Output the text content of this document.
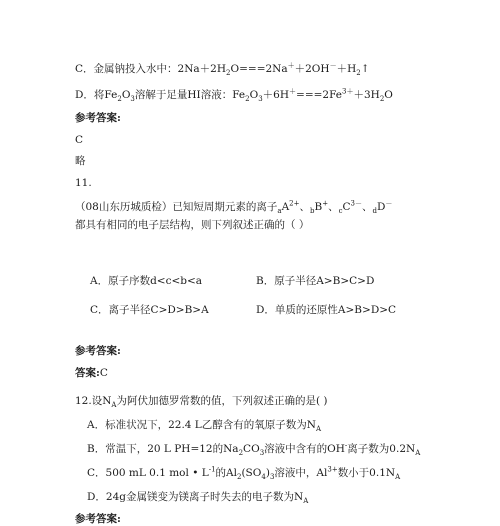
C．金属钠投入水中：$2Na+2H_2O===2Na^++2OH^-+H_2↑$
D．将$Fe_2O_3$溶解于足量HI溶液：$Fe_2O_3+6H^+===2Fe^{3+}+3H_2O$
参考答案:
C
略
11.
（08山东历城质检）已知短周期元素的离子$_aA^{2+}$、$_b$B+、$_cC^{3-}$、$_d$D－
都具有相同的电子层结构，则下列叙述正确的（ ）
A．原子序数d<c<b<a	B．原子半径A>B>C>D
C．离子半径C>D>B>A	D．单质的还原性A>B>D>C
参考答案:
答案:C
12.设$N_A$为阿伏加德罗常数的值，下列叙述正确的是( )
A．标准状况下，22.4 L乙醇含有的氧原子数为$N_A$
B．常温下，20 L PH=12的$Na_2CO_3$溶液中含有的OH-离子数为$0.2N_A$
C．500 mL 0.1 mol • $L^{-1}$的$Al_2(SO_4)_3$溶液中，$Al^{3+}$数小于$0.1N_A$
D．24g金属镁变为镁离子时失去的电子数为$N_A$
参考答案:
